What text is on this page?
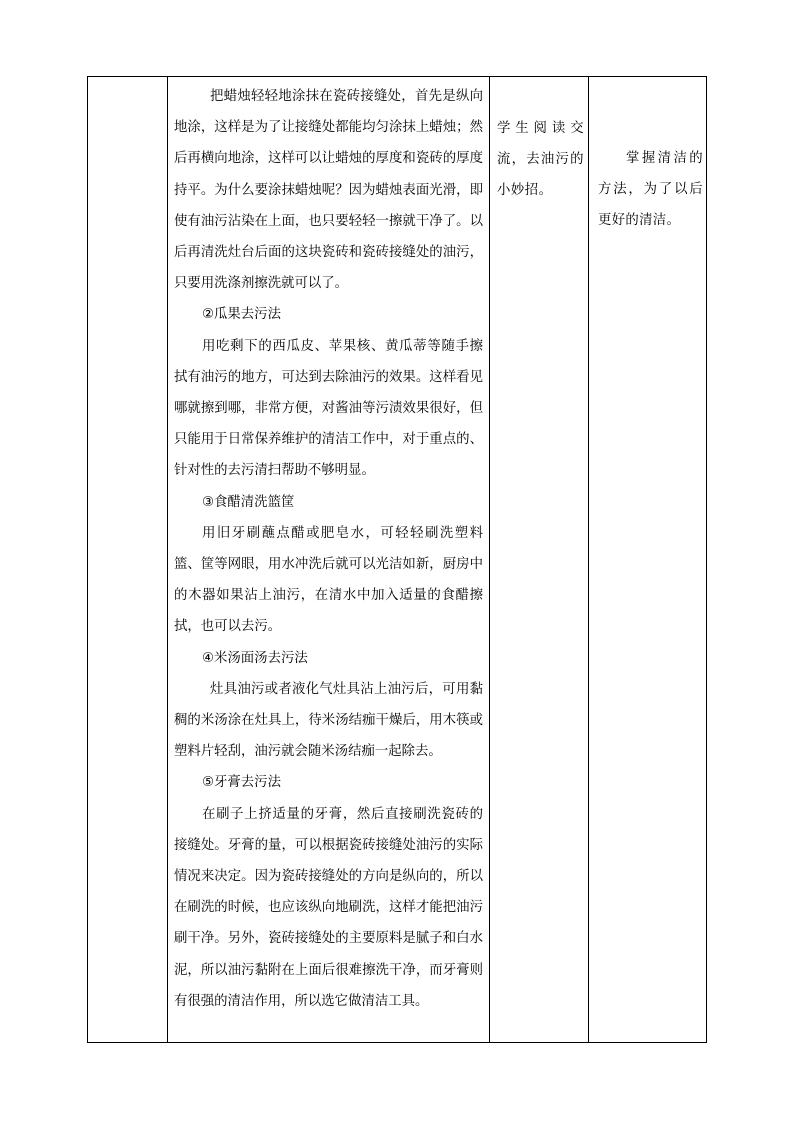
把蜡烛轻轻地涂抹在瓷砖接缝处，首先是纵向地涂，这样是为了让接缝处都能均匀涂抹上蜡烛；然后再横向地涂，这样可以让蜡烛的厚度和瓷砖的厚度持平。为什么要涂抹蜡烛呢？因为蜡烛表面光滑，即使有油污沾染在上面，也只要轻轻一擦就干净了。以后再清洗灶台后面的这块瓷砖和瓷砖接缝处的油污，只要用洗涤剂擦洗就可以了。

②瓜果去污法

用吃剩下的西瓜皮、苹果核、黄瓜蒂等随手擦拭有油污的地方，可达到去除油污的效果。这样看见哪就擦到哪，非常方便，对酱油等污渍效果很好，但只能用于日常保养维护的清洁工作中，对于重点的、针对性的去污清扫帮助不够明显。

③食醋清洗篮筐

用旧牙刷蘸点醋或肥皂水，可轻轻刷洗塑料篮、筐等网眼，用水冲洗后就可以光洁如新，厨房中的木器如果沾上油污，在清水中加入适量的食醋擦拭，也可以去污。

④米汤面汤去污法

灶具油污或者液化气灶具沾上油污后，可用黏稠的米汤涂在灶具上，待米汤结痂干燥后，用木筷或塑料片轻刮，油污就会随米汤结痂一起除去。

⑤牙膏去污法

在刷子上挤适量的牙膏，然后直接刷洗瓷砖的接缝处。牙膏的量，可以根据瓷砖接缝处油污的实际情况来决定。因为瓷砖接缝处的方向是纵向的，所以在刷洗的时候，也应该纵向地刷洗，这样才能把油污刷干净。另外，瓷砖接缝处的主要原料是腻子和白水泥，所以油污黏附在上面后很难擦洗干净，而牙膏则有很强的清洁作用，所以选它做清洁工具。

学生阅读交流，去油污的小妙招。

掌握清洁的方法，为了以后更好的清洁。
